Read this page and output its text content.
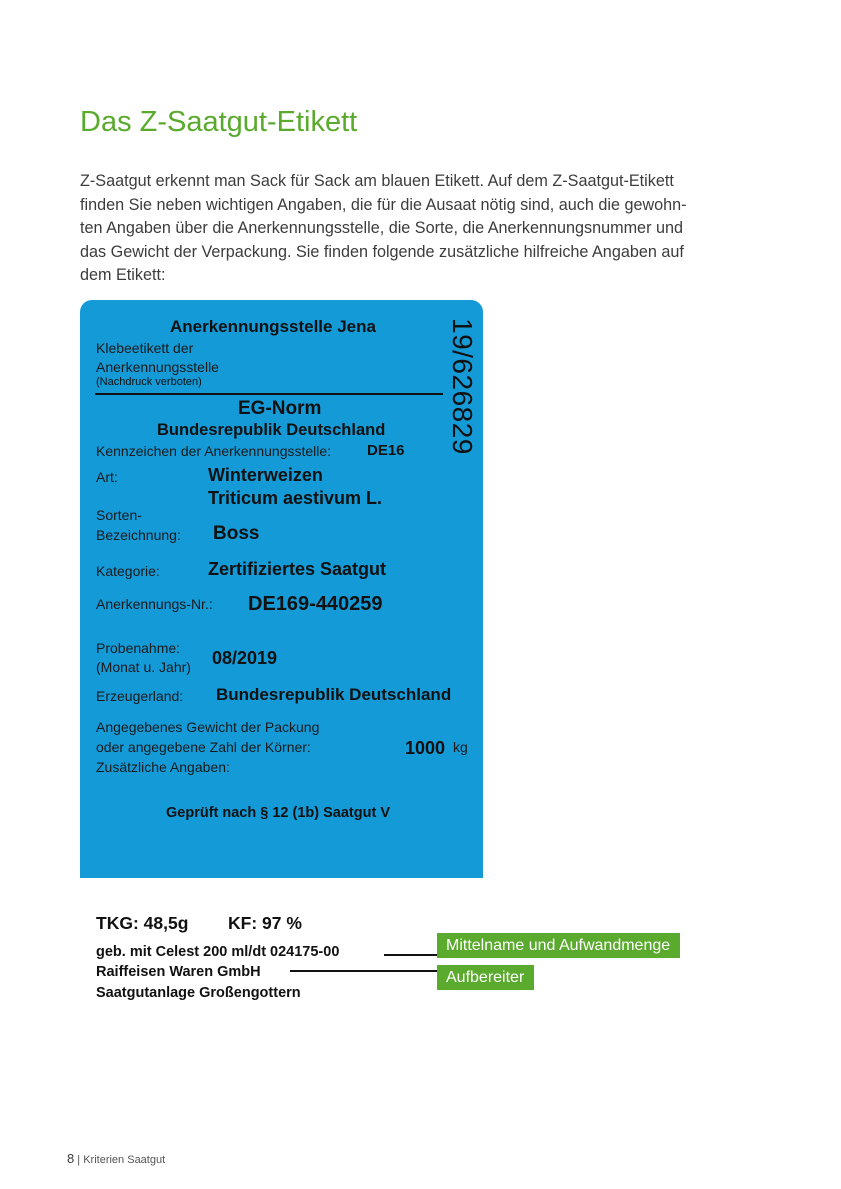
Das Z-Saatgut-Etikett
Z-Saatgut erkennt man Sack für Sack am blauen Etikett. Auf dem Z-Saatgut-Etikett
finden Sie neben wichtigen Angaben, die für die Ausaat nötig sind, auch die gewohn-
ten Angaben über die Anerkennungsstelle, die Sorte, die Anerkennungsnummer und
das Gewicht der Verpackung. Sie finden folgende zusätzliche hilfreiche Angaben auf
dem Etikett:
Anerkennungsstelle Jena
Klebeetikett der
Anerkennungsstelle
(Nachdruck verboten)	19/626829
EG-Norm
Bundesrepublik Deutschland
Kennzeichen der Anerkennungsstelle: DE16
Art:	Winterweizen
Triticum aestivum L.
Sorten-
Bezeichnung: Boss
Kategorie:	Zertifiziertes Saatgut
Anerkennungs-Nr.: DE169-440259
Probenahme:
(Monat u. Jahr) 08/2019
Erzeugerland: Bundesrepublik Deutschland
Angegebenes Gewicht der Packung
oder angegebene Zahl der Körner:
Zusätzliche Angaben:
1000 kg
Geprüft nach § 12 (1b) Saatgut V
TKG: 48,5g KF: 97 %
geb. mit Celest 200 ml/dt 024175-00
Raiffeisen Waren GmbH
Saatgutanlage Großengottern
Mittelname und Aufwandmenge
Aufbereiter
8 | Kriterien Saatgut
